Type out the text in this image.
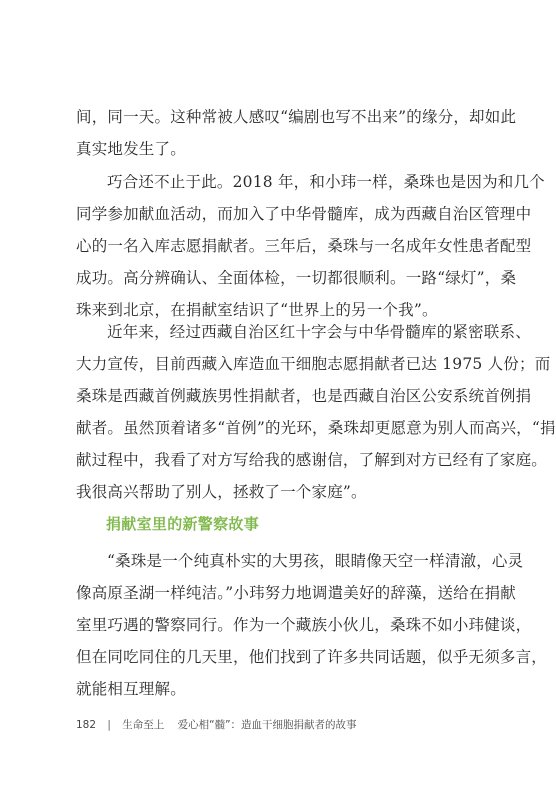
间，同一天。这种常被人感叹“编剧也写不出来”的缘分，却如此
真实地发生了。
巧合还不止于此。2018 年，和小玮一样，桑珠也是因为和几个
同学参加献血活动，而加入了中华骨髓库，成为西藏自治区管理中
心的一名入库志愿捐献者。三年后，桑珠与一名成年女性患者配型
成功。高分辨确认、全面体检，一切都很顺利。一路“绿灯”，桑
珠来到北京，在捐献室结识了“世界上的另一个我”。
近年来，经过西藏自治区红十字会与中华骨髓库的紧密联系、
大力宣传，目前西藏入库造血干细胞志愿捐献者已达 1975 人份；而
桑珠是西藏首例藏族男性捐献者，也是西藏自治区公安系统首例捐
献者。虽然顶着诸多“首例”的光环，桑珠却更愿意为别人而高兴，“捐
献过程中，我看了对方写给我的感谢信，了解到对方已经有了家庭。
我很高兴帮助了别人，拯救了一个家庭”。
捐献室里的新警察故事
“桑珠是一个纯真朴实的大男孩，眼睛像天空一样清澈，心灵
像高原圣湖一样纯洁。”小玮努力地调遣美好的辞藻，送给在捐献
室里巧遇的警察同行。作为一个藏族小伙儿，桑珠不如小玮健谈，
但在同吃同住的几天里，他们找到了许多共同话题，似乎无须多言，
就能相互理解。
182 | 生命至上 爱心相“髓”：造血干细胞捐献者的故事
